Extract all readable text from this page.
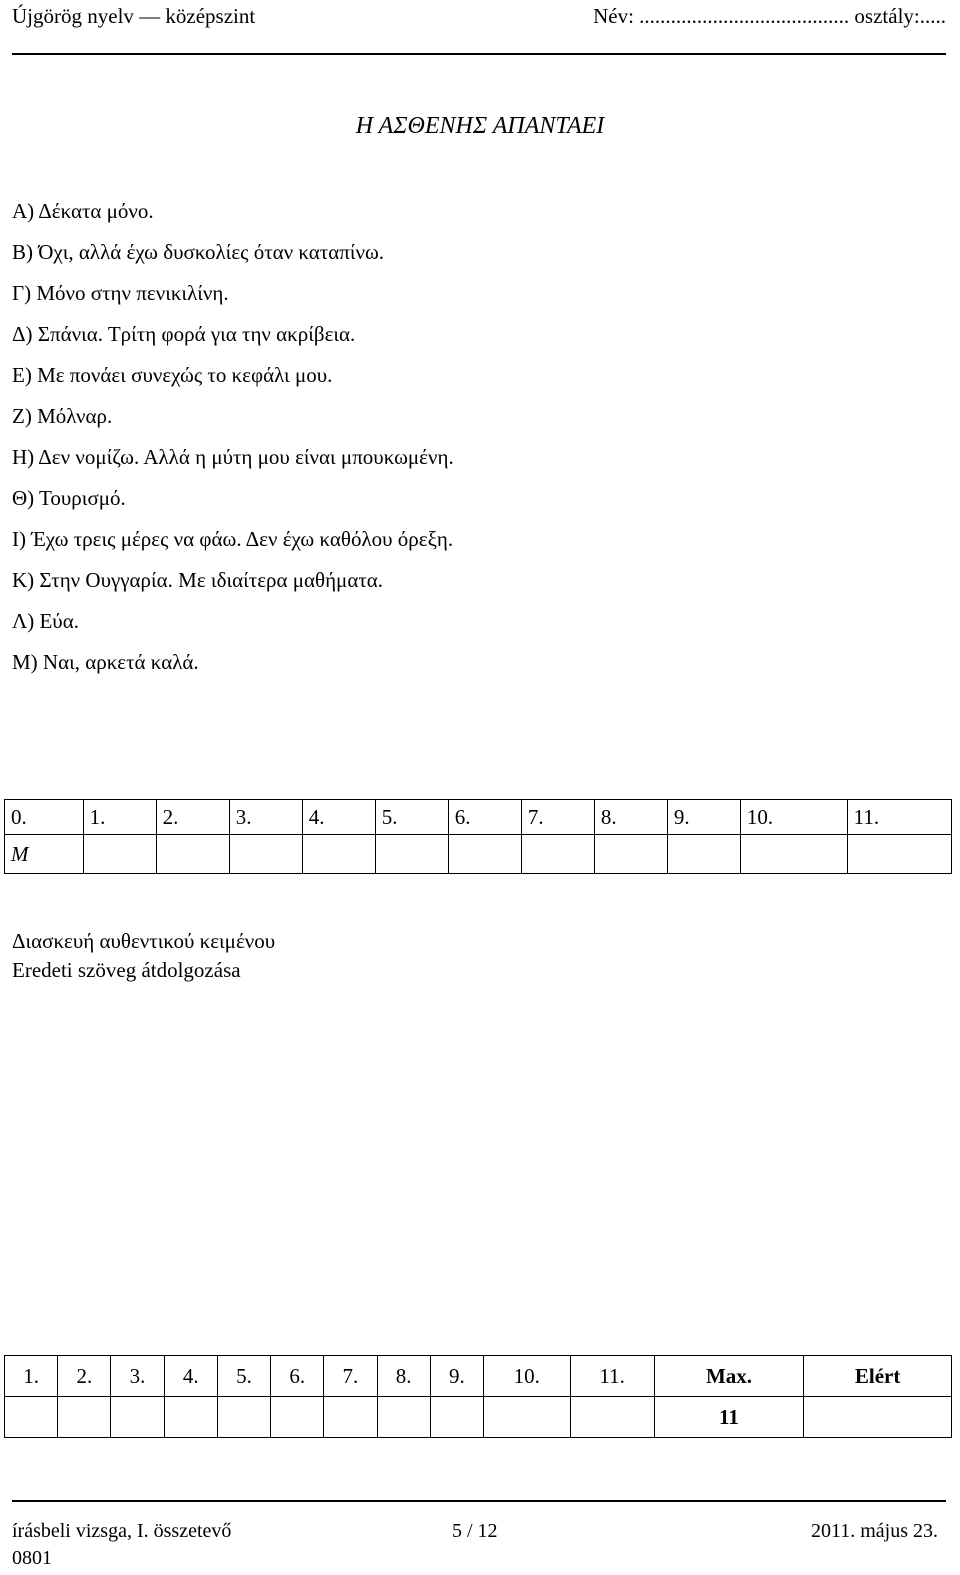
Újgörög nyelv — középszint	Név: ........................................ osztály:.....
Η ΑΣΘΕΝΗΣ ΑΠΑΝΤΑΕΙ
Α) Δέκατα μόνο.
Β) Όχι, αλλά έχω δυσκολίες όταν καταπίνω.
Γ) Μόνο στην πενικιλίνη.
Δ) Σπάνια. Τρίτη φορά για την ακρίβεια.
Ε) Με πονάει συνεχώς το κεφάλι μου.
Ζ) Μόλναρ.
Η) Δεν νομίζω. Αλλά η μύτη μου είναι μπουκωμένη.
Θ) Τουρισμό.
Ι) Έχω τρεις μέρες να φάω. Δεν έχω καθόλου όρεξη.
Κ) Στην Ουγγαρία. Με ιδιαίτερα μαθήματα.
Λ) Εύα.
Μ) Ναι, αρκετά καλά.
0.	1.	2.	3.	4.	5.	6.	7.	8.	9.	10.	11.
M											
Διασκευή αυθεντικού κειμένου
Eredeti szöveg átdolgozása
1.	2.	3.	4.	5.	6.	7.	8.	9.	10.	11.	Max.	Elért
											11	
írásbeli vizsga, I. összetevő	5 / 12	2011. május 23.
0801
